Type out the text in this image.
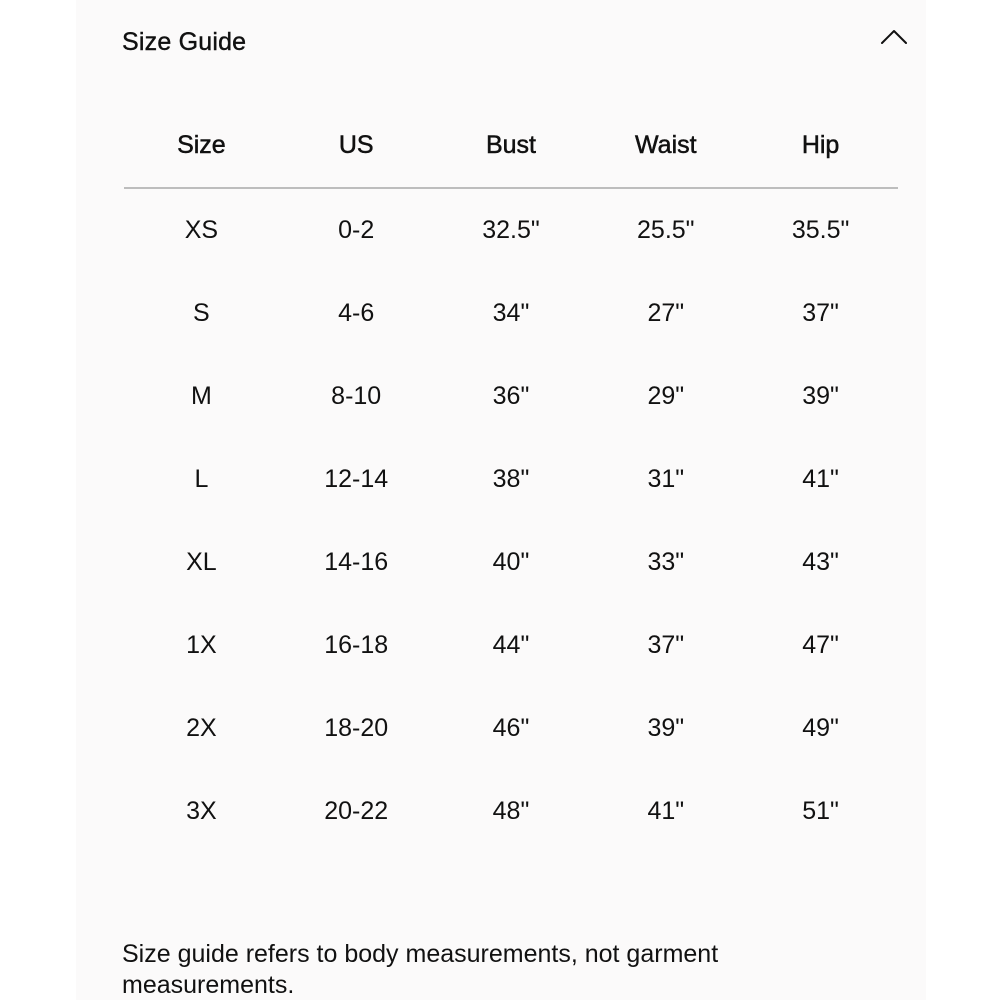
Size Guide
Size	US	Bust	Waist	Hip
XS	0-2	32.5"	25.5"	35.5"
S	4-6	34"	27"	37"
M	8-10	36"	29"	39"
L	12-14	38"	31"	41"
XL	14-16	40"	33"	43"
1X	16-18	44"	37"	47"
2X	18-20	46"	39"	49"
3X	20-22	48"	41"	51"

Size guide refers to body measurements, not garment measurements.
